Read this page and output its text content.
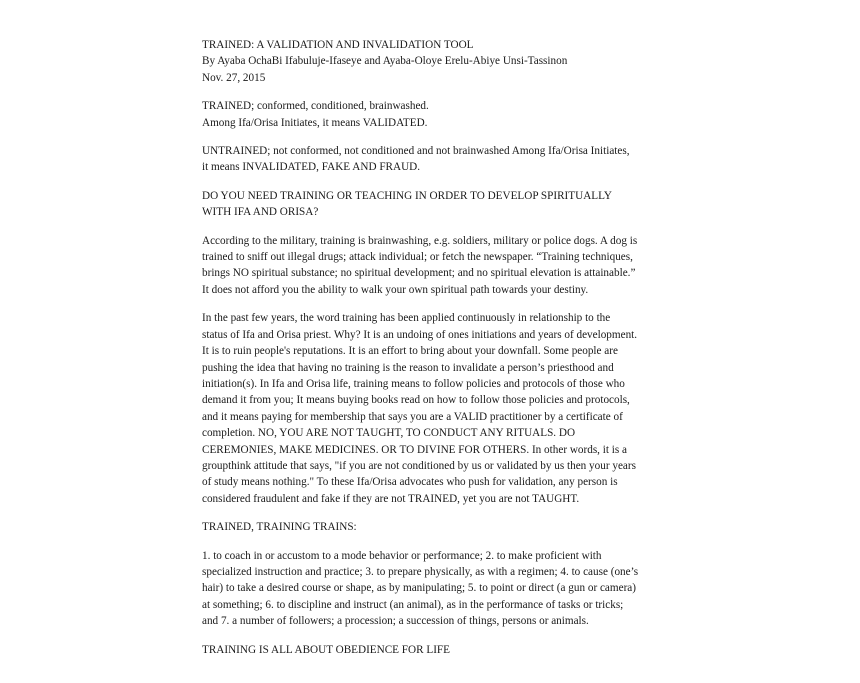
TRAINED: A VALIDATION AND INVALIDATION TOOL
By Ayaba OchaBi Ifabuluje-Ifaseye and Ayaba-Oloye Erelu-Abiye Unsi-Tassinon
Nov. 27, 2015
TRAINED; conformed, conditioned, brainwashed.
Among Ifa/Orisa Initiates, it means VALIDATED.
UNTRAINED; not conformed, not conditioned and not brainwashed Among Ifa/Orisa Initiates,
it means INVALIDATED, FAKE AND FRAUD.
DO YOU NEED TRAINING OR TEACHING IN ORDER TO DEVELOP SPIRITUALLY
WITH IFA AND ORISA?
According to the military, training is brainwashing, e.g. soldiers, military or police dogs. A dog is
trained to sniff out illegal drugs; attack individual; or fetch the newspaper. “Training techniques,
brings NO spiritual substance; no spiritual development; and no spiritual elevation is attainable.”
It does not afford you the ability to walk your own spiritual path towards your destiny.
In the past few years, the word training has been applied continuously in relationship to the
status of Ifa and Orisa priest. Why? It is an undoing of ones initiations and years of development.
It is to ruin people's reputations. It is an effort to bring about your downfall. Some people are
pushing the idea that having no training is the reason to invalidate a person’s priesthood and
initiation(s). In Ifa and Orisa life, training means to follow policies and protocols of those who
demand it from you; It means buying books read on how to follow those policies and protocols,
and it means paying for membership that says you are a VALID practitioner by a certificate of
completion. NO, YOU ARE NOT TAUGHT, TO CONDUCT ANY RITUALS. DO
CEREMONIES, MAKE MEDICINES. OR TO DIVINE FOR OTHERS. In other words, it is a
groupthink attitude that says, "if you are not conditioned by us or validated by us then your years
of study means nothing." To these Ifa/Orisa advocates who push for validation, any person is
considered fraudulent and fake if they are not TRAINED, yet you are not TAUGHT.
TRAINED, TRAINING TRAINS:
1. to coach in or accustom to a mode behavior or performance; 2. to make proficient with
specialized instruction and practice; 3. to prepare physically, as with a regimen; 4. to cause (one’s
hair) to take a desired course or shape, as by manipulating; 5. to point or direct (a gun or camera)
at something; 6. to discipline and instruct (an animal), as in the performance of tasks or tricks;
and 7. a number of followers; a procession; a succession of things, persons or animals.
TRAINING IS ALL ABOUT OBEDIENCE FOR LIFE
